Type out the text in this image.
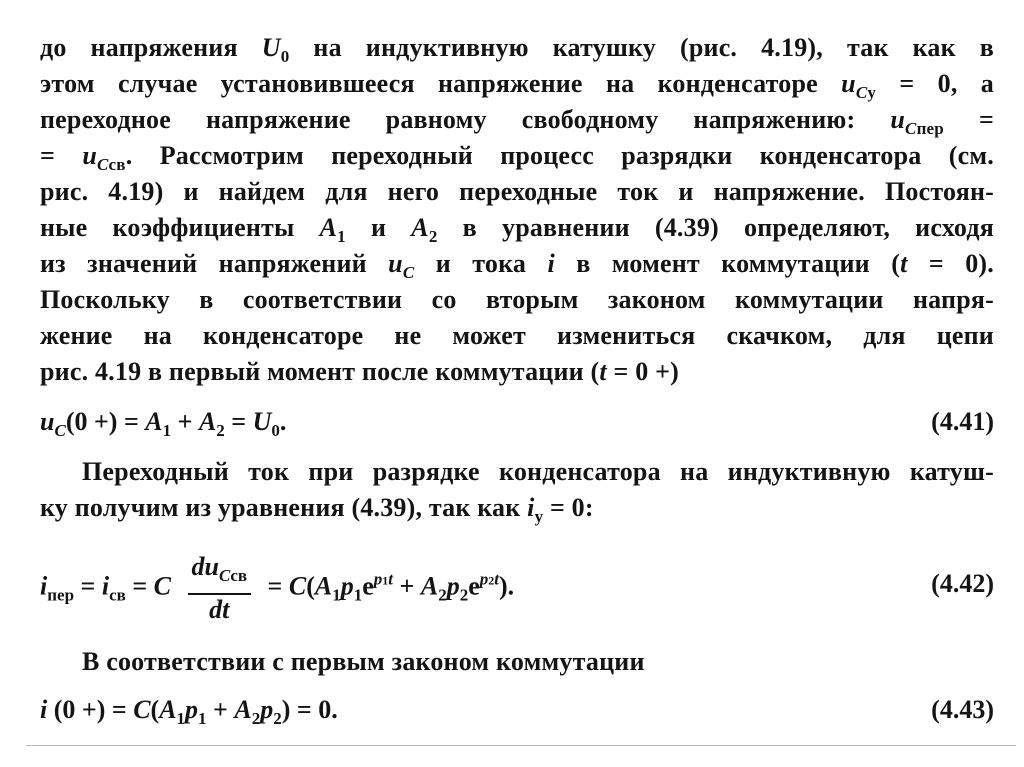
до напряжения $U_0$ на индуктивную катушку (рис. 4.19), так как в
этом случае установившееся напряжение на конденсаторе $u_{Cу} = 0$, а
переходное напряжение равному свободному напряжению: $u_{Cпер}$ =
= $u_{Cсв}$. Рассмотрим переходный процесс разрядки конденсатора (см.
рис. 4.19) и найдем для него переходные ток и напряжение. Постоян-
ные коэффициенты $A_1$ и $A_2$ в уравнении (4.39) определяют, исходя
из значений напряжений $u_C$ и тока i в момент коммутации (t = 0).
Поскольку в соответствии со вторым законом коммутации напря-
жение на конденсаторе не может измениться скачком, для цепи
рис. 4.19 в первый момент после коммутации (t = 0 +)
$u_C(0$ +) = $A_1 + A_2 = U_0$.	(4.41)
Переходный ток при разрядке конденсатора на индуктивную катуш-
ку получим из уравнения (4.39), так как $i_у = 0$:
$i_{пер} = i_{св} = C \frac{du_{Cсв}}{dt} = C(A_1p_1e^{p1t} + A_2p_2e^{p2t})$.	(4.42)
В соответствии с первым законом коммутации
i (0 +) = $C(A_1p_1 + A_2p_2) = 0$.	(4.43)
